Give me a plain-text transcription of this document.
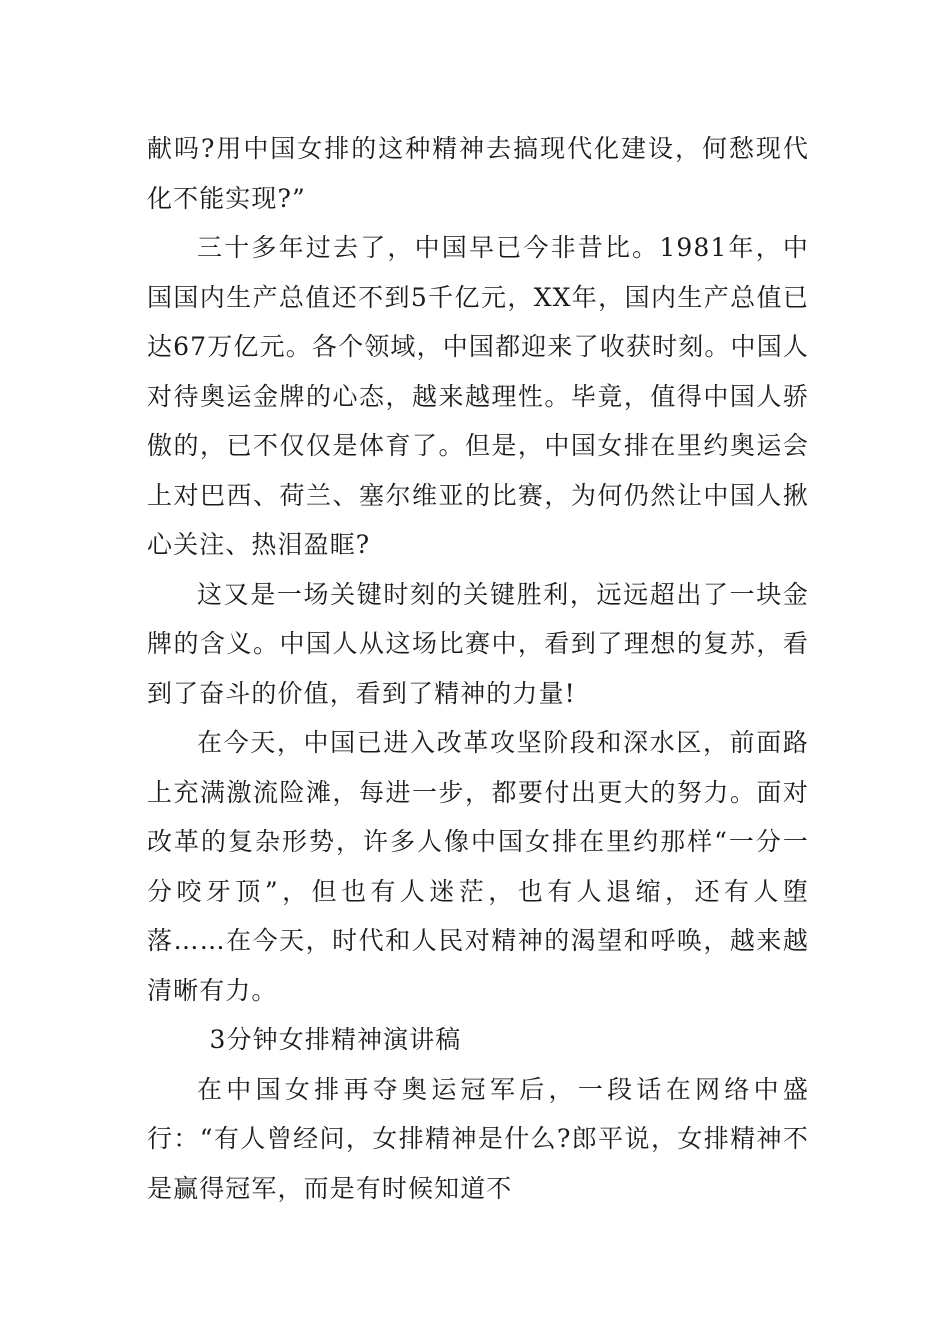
献吗?用中国女排的这种精神去搞现代化建设，何愁现代化不能实现?”

三十多年过去了，中国早已今非昔比。1981年，中国国内生产总值还不到5千亿元，XX年，国内生产总值已达67万亿元。各个领域，中国都迎来了收获时刻。中国人对待奥运金牌的心态，越来越理性。毕竟，值得中国人骄傲的，已不仅仅是体育了。但是，中国女排在里约奥运会上对巴西、荷兰、塞尔维亚的比赛，为何仍然让中国人揪心关注、热泪盈眶?

这又是一场关键时刻的关键胜利，远远超出了一块金牌的含义。中国人从这场比赛中，看到了理想的复苏，看到了奋斗的价值，看到了精神的力量!

在今天，中国已进入改革攻坚阶段和深水区，前面路上充满激流险滩，每进一步，都要付出更大的努力。面对改革的复杂形势，许多人像中国女排在里约那样“一分一分咬牙顶”，但也有人迷茫，也有人退缩，还有人堕落……在今天，时代和人民对精神的渴望和呼唤，越来越清晰有力。

3分钟女排精神演讲稿

在中国女排再夺奥运冠军后，一段话在网络中盛行：“有人曾经问，女排精神是什么?郎平说，女排精神不是赢得冠军，而是有时候知道不
